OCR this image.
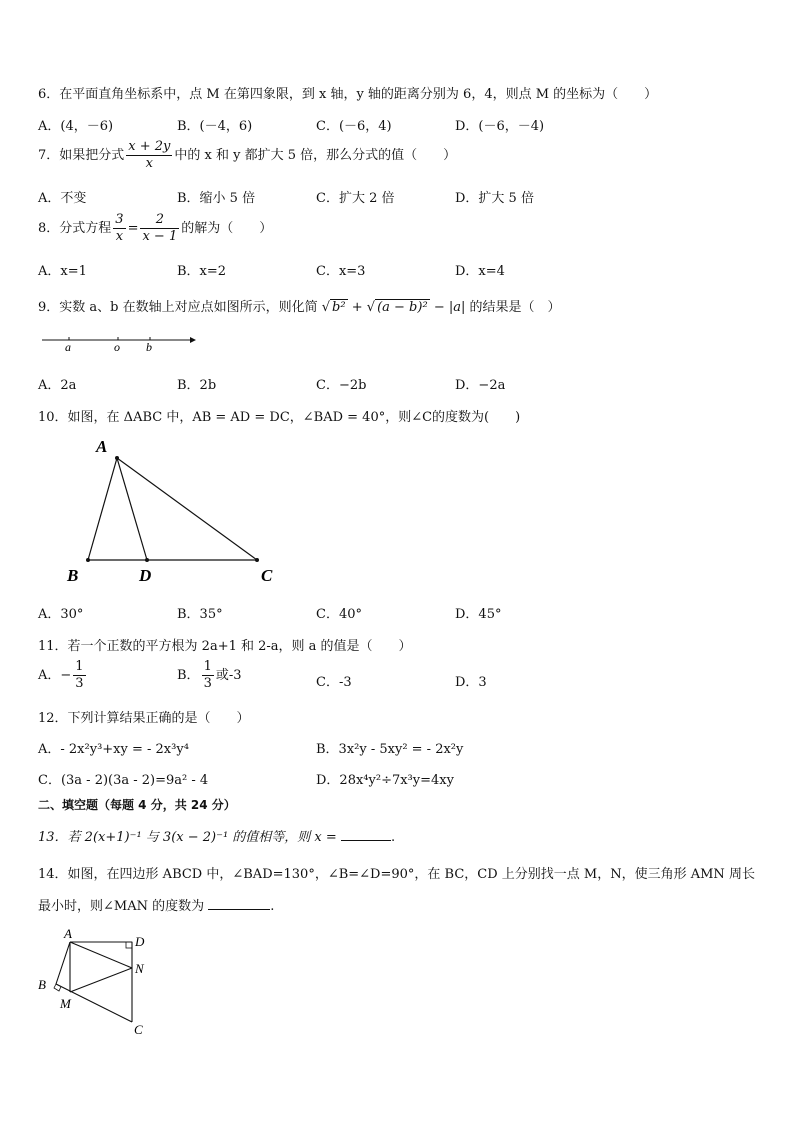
6．在平面直角坐标系中，点 M 在第四象限，到 x 轴，y 轴的距离分别为 6，4，则点 M 的坐标为（　　）
A．(4，－6)	B．(－4，6)	C．(－6，4)	D．(－6，－4)
7．如果把分式 $\frac{x + 2y}{x}$ 中的 x 和 y 都扩大 5 倍，那么分式的值（　　）
A．不变	B．缩小 5 倍	C．扩大 2 倍	D．扩大 5 倍
8．分式方程 $\frac{3}{x} = \frac{2}{x - 1}$ 的解为（　　）
A．x=1	B．x=2	C．x=3	D．x=4
9．实数 a、b 在数轴上对应点如图所示，则化简 √ b² + √ (a − b)² − |a| 的结果是（　）
a	o b
A．2a	B．2b	C．−2b	D．−2a
10．如图，在 ΔABC 中，AB = AD = DC，∠BAD = 40°，则∠C的度数为(　　)
A
B	D	C
A．30°	B．35°	C．40°	D．45°
11．若一个正数的平方根为 2a+1 和 2-a，则 a 的值是（　　）
A．− $\frac{1}{3}$	B． $\frac{1}{3}$ 或-3	C．-3	D．3
12．下列计算结果正确的是（　　）
A．- 2x²y³+xy = - 2x³y⁴	B．3x²y - 5xy² = - 2x²y
C．(3a - 2)(3a - 2)=9a² - 4	D．28x⁴y²÷7x³y=4xy
二、填空题（每题 4 分，共 24 分）
13．若 2(x+1)⁻¹ 与 3(x − 2)⁻¹ 的值相等，则 x =	.
14．如图，在四边形 ABCD 中，∠BAD=130°，∠B=∠D=90°，在 BC，CD 上分别找一点 M，N，使三角形 AMN 周长
最小时，则∠MAN 的度数为	.
A
D
N
B
M
C
